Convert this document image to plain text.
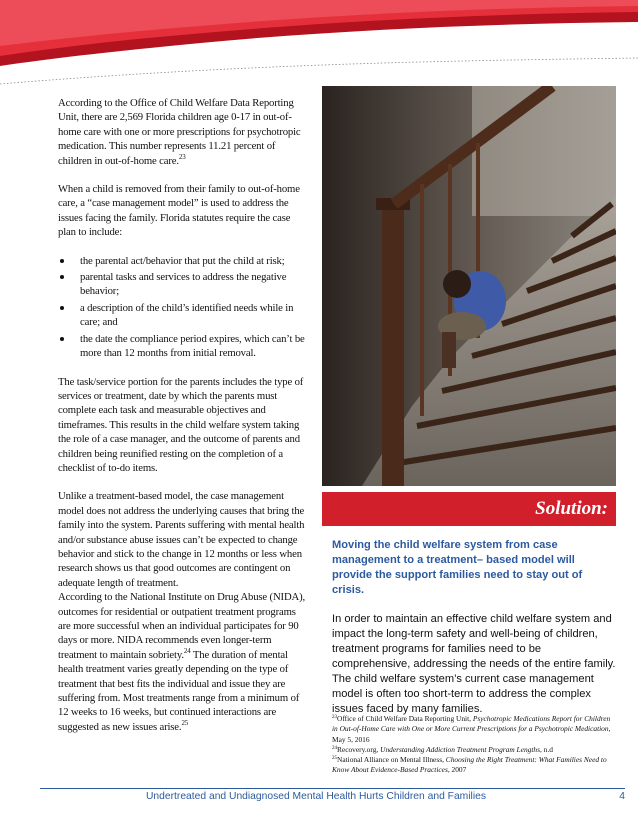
According to the Office of Child Welfare Data Reporting Unit, there are 2,569 Florida children age 0-17 in out-of-home care with one or more prescriptions for psychotropic medication. This number represents 11.21 percent of children in out-of-home care.$^{23}$

When a child is removed from their family to out-of-home care, a “case management model” is used to address the issues facing the family. Florida statutes require the case plan to include:

the parental act/behavior that put the child at risk;
parental tasks and services to address the negative behavior;
a description of the child’s identified needs while in care; and
the date the compliance period expires, which can’t be more than 12 months from initial removal.

The task/service portion for the parents includes the type of services or treatment, date by which the parents must complete each task and measurable objectives and timeframes. This results in the child welfare system taking the role of a case manager, and the outcome of parents and children being reunified resting on the completion of a checklist of to-do items.

Unlike a treatment-based model, the case management model does not address the underlying causes that bring the family into the system. Parents suffering with mental health and/or substance abuse issues can’t be expected to change behavior and stick to the change in 12 months or less when research shows us that good outcomes are contingent on adequate length of treatment.

According to the National Institute on Drug Abuse (NIDA), outcomes for residential or outpatient treatment programs are more successful when an individual participates for 90 days or more. NIDA recommends even longer-term treatment to maintain sobriety.$^{24}$ The duration of mental health treatment varies greatly depending on the type of treatment that best fits the individual and issue they are suffering from. Most treatments range from a minimum of 12 weeks to 16 weeks, but continued interactions are suggested as new issues arise.$^{25}$

Solution:

Moving the child welfare system from case management to a treatment– based model will provide the support families need to stay out of crisis.

In order to maintain an effective child welfare system and impact the long-term safety and well-being of children, treatment programs for families need to be comprehensive, addressing the needs of the entire family. The child welfare system’s current case management model is often too short-term to address the complex issues faced by many families.

$^{23}$Office of Child Welfare Data Reporting Unit, Psychotropic Medications Report for Children in Out-of-Home Care with One or More Current Prescriptions for a Psychotropic Medication, May 5, 2016
$^{24}$Recovery.org, Understanding Addiction Treatment Program Lengths, n.d
$^{25}$National Alliance on Mental Illness, Choosing the Right Treatment: What Families Need to Know About Evidence-Based Practices, 2007
Undertreated and Undiagnosed Mental Health Hurts Children and Families	4
